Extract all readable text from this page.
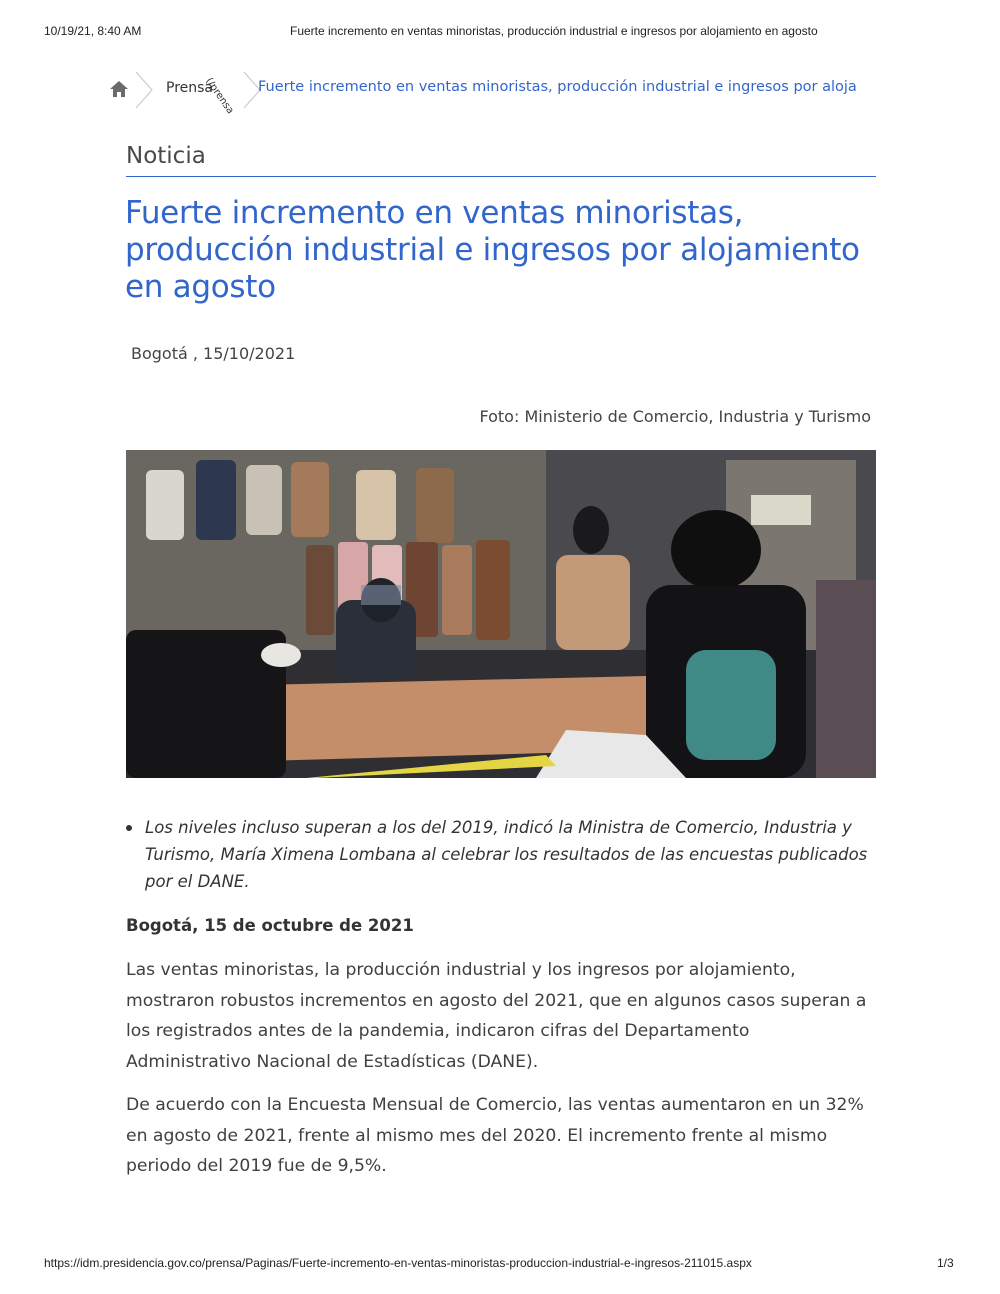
10/19/21, 8:40 AM	Fuerte incremento en ventas minoristas, producción industrial e ingresos por alojamiento en agosto
Prensa
(/prensa Fuerte incremento en ventas minoristas, producción industrial e ingresos por aloja
Noticia
Fuerte incremento en ventas minoristas, producción industrial e ingresos por alojamiento en agosto
Bogotá , 15/10/2021
Foto: Ministerio de Comercio, Industria y Turismo
Los niveles incluso superan a los del 2019, indicó la Ministra de Comercio, Industria y Turismo, María Ximena Lombana al celebrar los resultados de las encuestas publicados por el DANE.
Bogotá, 15 de octubre de 2021

Las ventas minoristas, la producción industrial y los ingresos por alojamiento, mostraron robustos incrementos en agosto del 2021, que en algunos casos superan a los registrados antes de la pandemia, indicaron cifras del Departamento Administrativo Nacional de Estadísticas (DANE).

De acuerdo con la Encuesta Mensual de Comercio, las ventas aumentaron en un 32% en agosto de 2021, frente al mismo mes del 2020. El incremento frente al mismo periodo del 2019 fue de 9,5%.

https://idm.presidencia.gov.co/prensa/Paginas/Fuerte-incremento-en-ventas-minoristas-produccion-industrial-e-ingresos-211015.aspx	1/3
